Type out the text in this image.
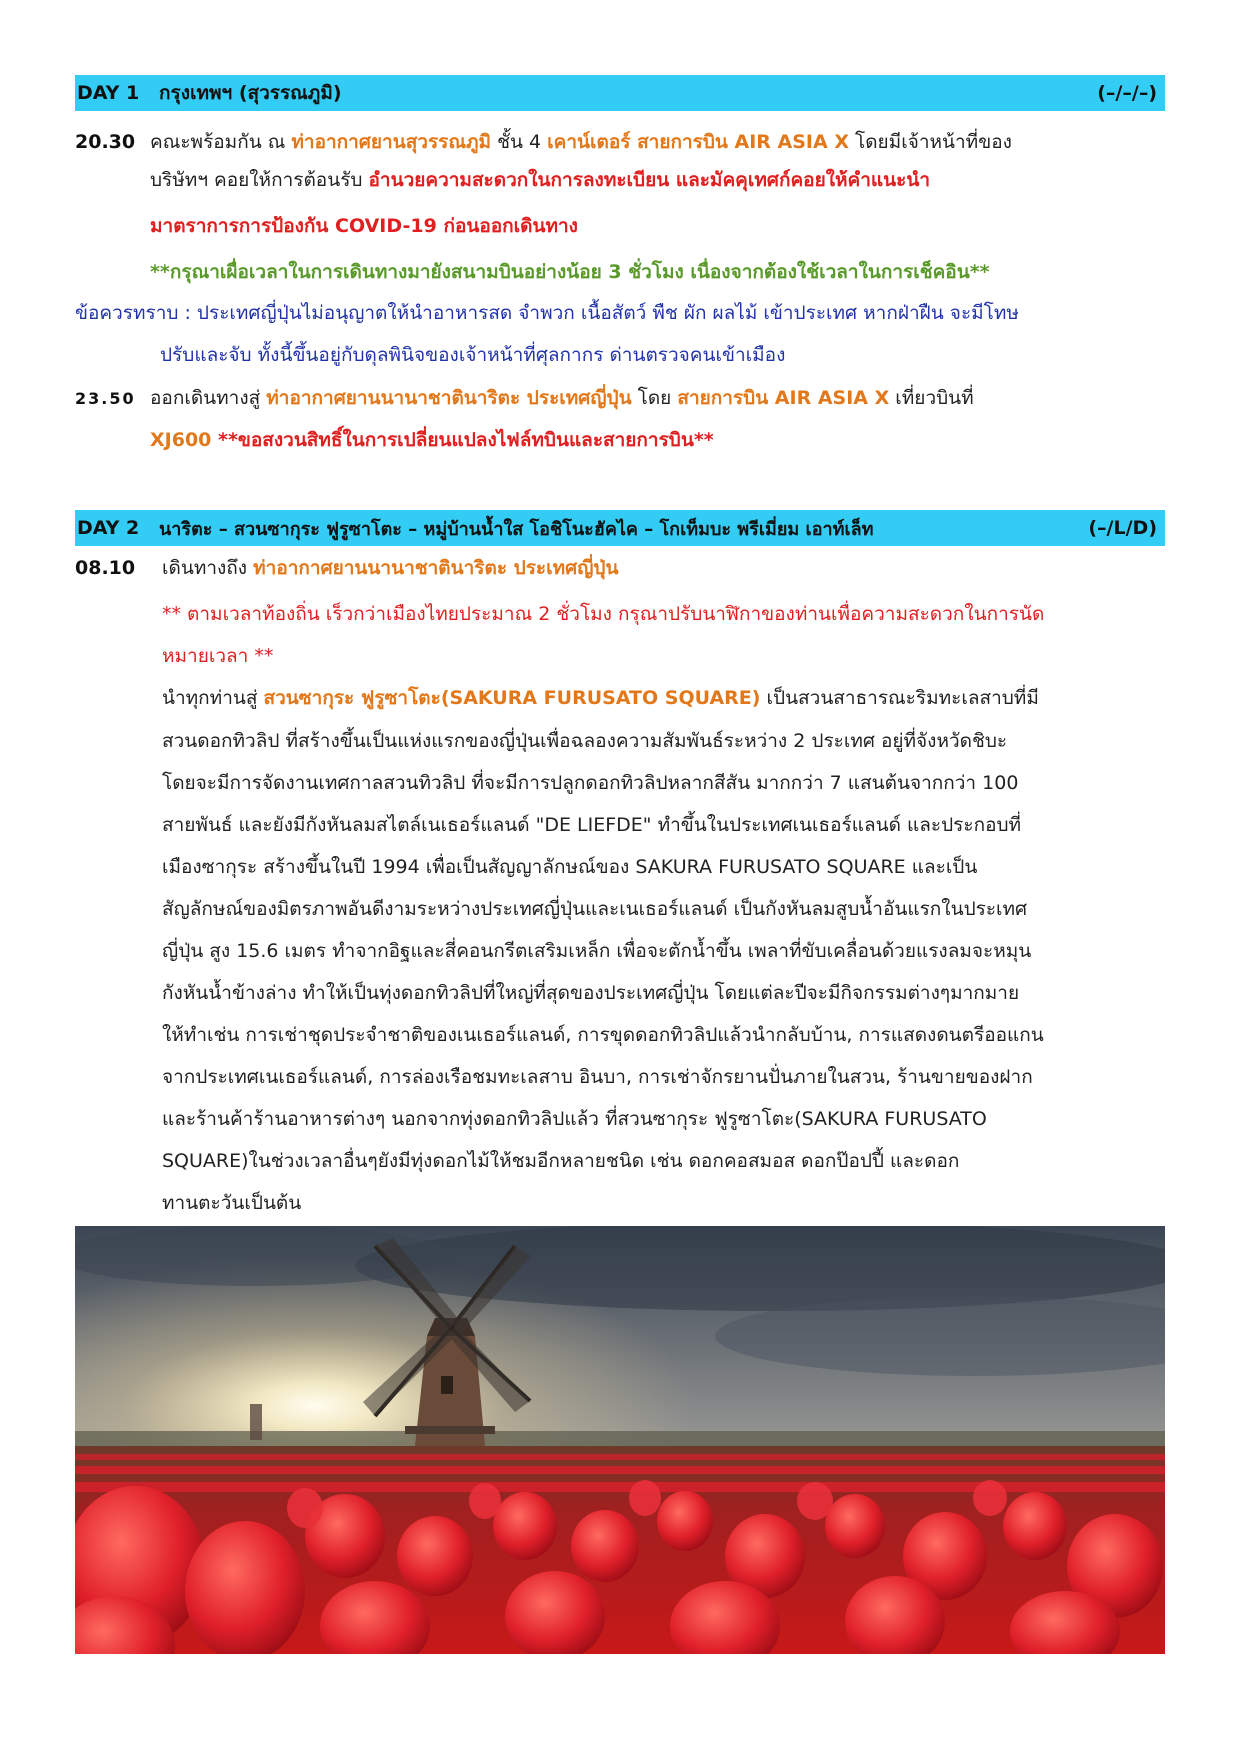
DAY 1	กรุงเทพฯ (สุวรรณภูมิ)	(–/–/–)
20.30 คณะพร้อมกัน ณ ท่าอากาศยานสุวรรณภูมิ ชั้น 4 เคาน์เตอร์ สายการบิน AIR ASIA X โดยมีเจ้าหน้าที่ของ
บริษัทฯ คอยให้การต้อนรับ อำนวยความสะดวกในการลงทะเบียน และมัคคุเทศก์คอยให้คำแนะนำ
มาตราการการป้องกัน COVID-19 ก่อนออกเดินทาง
**กรุณาเผื่อเวลาในการเดินทางมายังสนามบินอย่างน้อย 3 ชั่วโมง เนื่องจากต้องใช้เวลาในการเช็คอิน**
ข้อควรทราบ : ประเทศญี่ปุ่นไม่อนุญาตให้นำอาหารสด จำพวก เนื้อสัตว์ พืช ผัก ผลไม้ เข้าประเทศ หากฝ่าฝืน จะมีโทษ
ปรับและจับ ทั้งนี้ขึ้นอยู่กับดุลพินิจของเจ้าหน้าที่ศุลกากร ด่านตรวจคนเข้าเมือง
23.50 ออกเดินทางสู่ ท่าอากาศยานนานาชาตินาริตะ ประเทศญี่ปุ่น โดย สายการบิน AIR ASIA X เที่ยวบินที่
XJ600 **ขอสงวนสิทธิ์ในการเปลี่ยนแปลงไฟล์ทบินและสายการบิน**
DAY 2	นาริตะ – สวนซากุระ ฟูรูซาโตะ – หมู่บ้านน้ำใส โอชิโนะฮัคไค – โกเท็มบะ พรีเมี่ยม เอาท์เล็ท	(–/L/D)
08.10 เดินทางถึง ท่าอากาศยานนานาชาตินาริตะ ประเทศญี่ปุ่น
** ตามเวลาท้องถิ่น เร็วกว่าเมืองไทยประมาณ 2 ชั่วโมง กรุณาปรับนาฬิกาของท่านเพื่อความสะดวกในการนัด
หมายเวลา **
นำทุกท่านสู่ สวนซากุระ ฟูรูซาโตะ(SAKURA FURUSATO SQUARE) เป็นสวนสาธารณะริมทะเลสาบที่มี
สวนดอกทิวลิป ที่สร้างขึ้นเป็นแห่งแรกของญี่ปุ่นเพื่อฉลองความสัมพันธ์ระหว่าง 2 ประเทศ อยู่ที่จังหวัดชิบะ
โดยจะมีการจัดงานเทศกาลสวนทิวลิป ที่จะมีการปลูกดอกทิวลิปหลากสีสัน มากกว่า 7 แสนต้นจากกว่า 100
สายพันธ์ และยังมีกังหันลมสไตล์เนเธอร์แลนด์ "DE LIEFDE" ทำขึ้นในประเทศเนเธอร์แลนด์ และประกอบที่
เมืองซากุระ สร้างขึ้นในปี 1994 เพื่อเป็นสัญญาลักษณ์ของ SAKURA FURUSATO SQUARE และเป็น
สัญลักษณ์ของมิตรภาพอันดีงามระหว่างประเทศญี่ปุ่นและเนเธอร์แลนด์ เป็นกังหันลมสูบน้ำอันแรกในประเทศ
ญี่ปุ่น สูง 15.6 เมตร ทำจากอิฐและสี่คอนกรีตเสริมเหล็ก เพื่อจะตักน้ำขึ้น เพลาที่ขับเคลื่อนด้วยแรงลมจะหมุน
กังหันน้ำข้างล่าง ทำให้เป็นทุ่งดอกทิวลิปที่ใหญ่ที่สุดของประเทศญี่ปุ่น โดยแต่ละปีจะมีกิจกรรมต่างๆมากมาย
ให้ทำเช่น การเช่าชุดประจำชาติของเนเธอร์แลนด์, การขุดดอกทิวลิปแล้วนำกลับบ้าน, การแสดงดนตรีออแกน
จากประเทศเนเธอร์แลนด์, การล่องเรือชมทะเลสาบ อินบา, การเช่าจักรยานปั่นภายในสวน, ร้านขายของฝาก
และร้านค้าร้านอาหารต่างๆ นอกจากทุ่งดอกทิวลิปแล้ว ที่สวนซากุระ ฟูรูซาโตะ(SAKURA FURUSATO
SQUARE)ในช่วงเวลาอื่นๆยังมีทุ่งดอกไม้ให้ชมอีกหลายชนิด เช่น ดอกคอสมอส ดอกป๊อปปี้ และดอก
ทานตะวันเป็นต้น
